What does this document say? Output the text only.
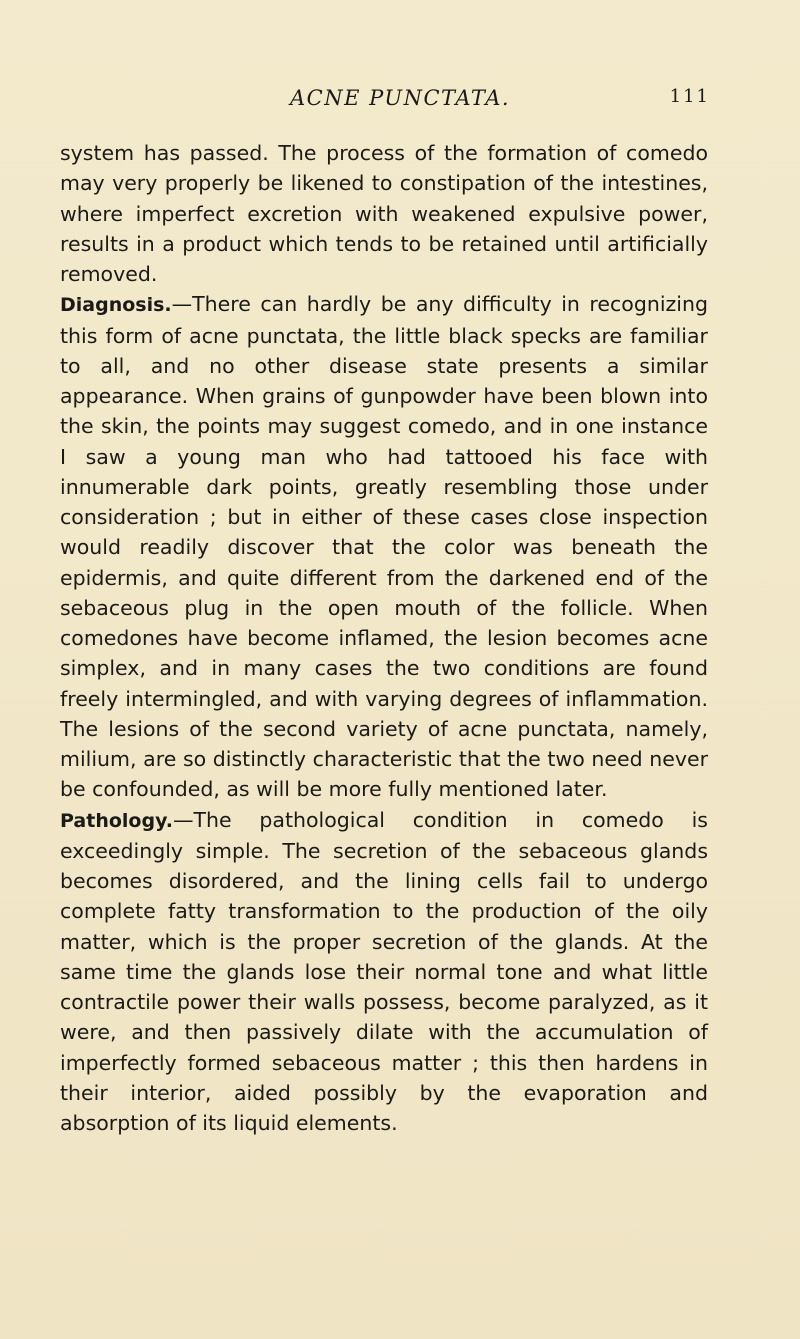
ACNE PUNCTATA.	111

system has passed. The process of the formation of comedo may very properly be likened to constipation of the intestines, where imperfect excretion with weakened expulsive power, results in a product which tends to be retained until artificially removed.

Diagnosis.—There can hardly be any difficulty in recognizing this form of acne punctata, the little black specks are familiar to all, and no other disease state presents a similar appearance. When grains of gunpowder have been blown into the skin, the points may suggest comedo, and in one instance I saw a young man who had tattooed his face with innumerable dark points, greatly resembling those under consideration ; but in either of these cases close inspection would readily discover that the color was beneath the epidermis, and quite different from the darkened end of the sebaceous plug in the open mouth of the follicle. When comedones have become inflamed, the lesion becomes acne simplex, and in many cases the two conditions are found freely intermingled, and with varying degrees of inflammation. The lesions of the second variety of acne punctata, namely, milium, are so distinctly characteristic that the two need never be confounded, as will be more fully mentioned later.

Pathology.—The pathological condition in comedo is exceedingly simple. The secretion of the sebaceous glands becomes disordered, and the lining cells fail to undergo complete fatty transformation to the production of the oily matter, which is the proper secretion of the glands. At the same time the glands lose their normal tone and what little contractile power their walls possess, become paralyzed, as it were, and then passively dilate with the accumulation of imperfectly formed sebaceous matter ; this then hardens in their interior, aided possibly by the evaporation and absorption of its liquid elements.
